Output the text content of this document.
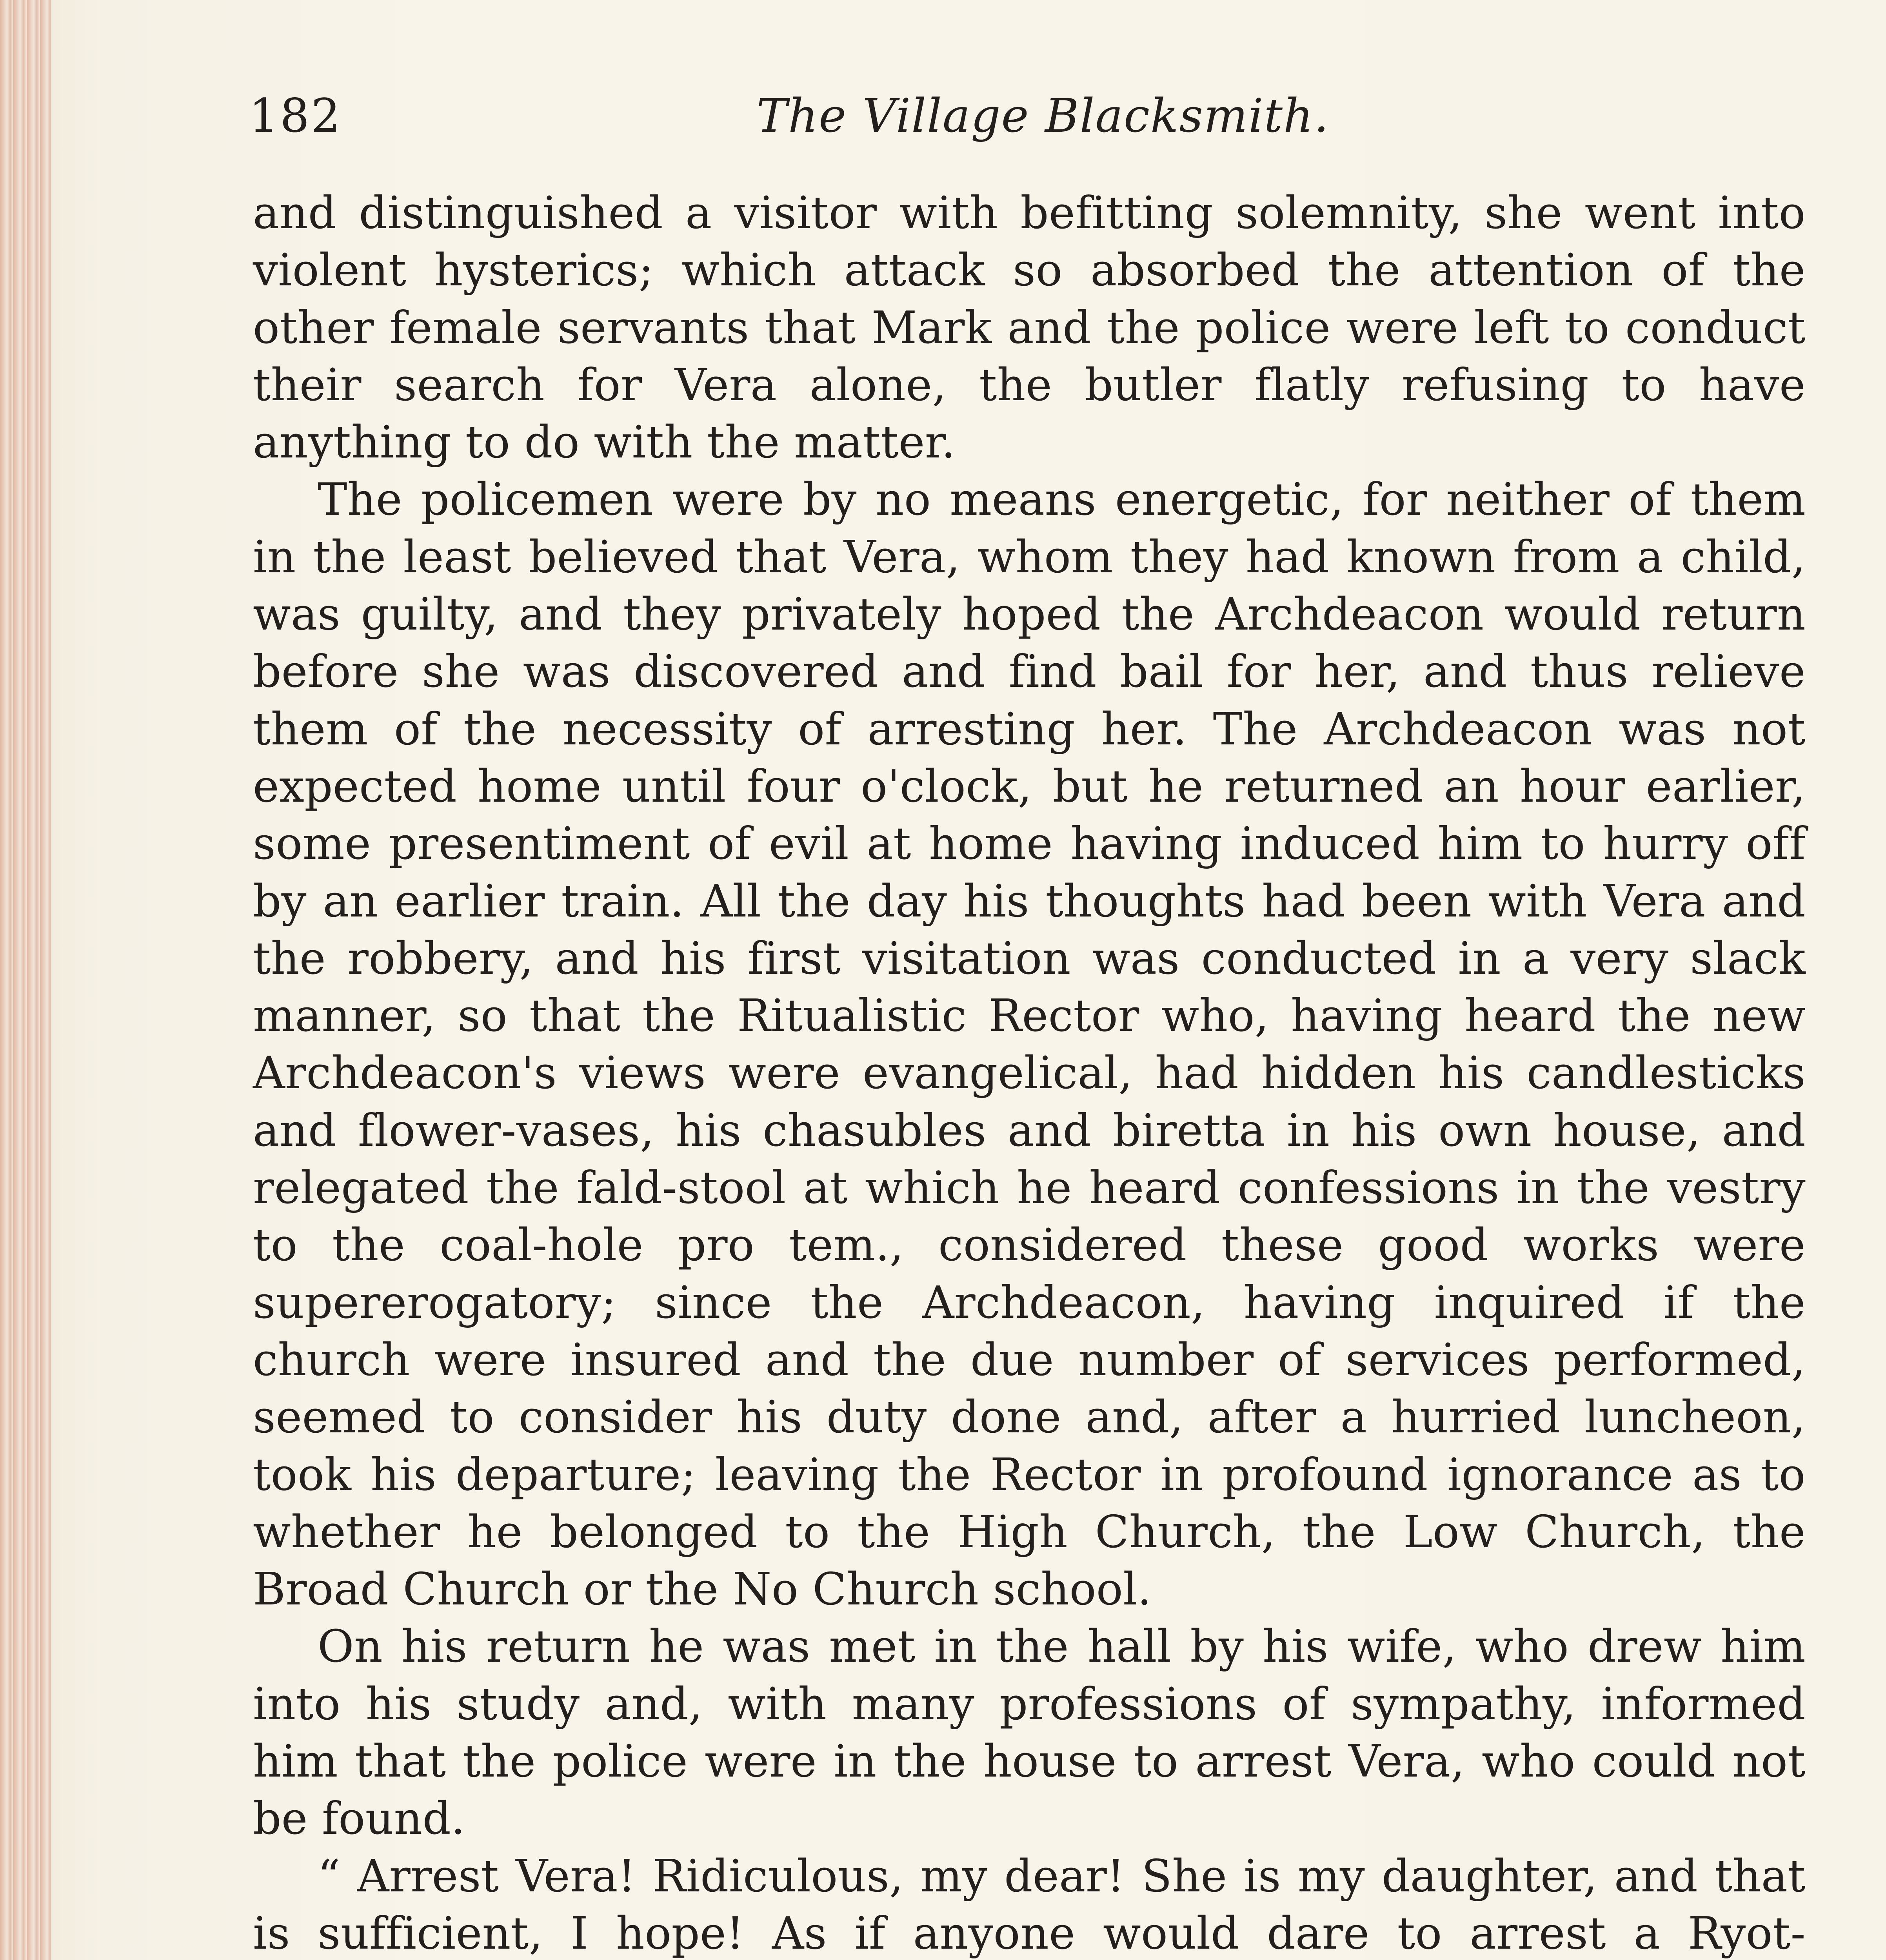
182	The Village Blacksmith.

and distinguished a visitor with befitting solemnity, she went into violent hysterics; which attack so absorbed the attention of the other female servants that Mark and the police were left to conduct their search for Vera alone, the butler flatly refusing to have anything to do with the matter.

The policemen were by no means energetic, for neither of them in the least believed that Vera, whom they had known from a child, was guilty, and they privately hoped the Archdeacon would return before she was discovered and find bail for her, and thus relieve them of the necessity of arresting her. The Archdeacon was not expected home until four o'clock, but he returned an hour earlier, some presentiment of evil at home having induced him to hurry off by an earlier train. All the day his thoughts had been with Vera and the robbery, and his first visitation was conducted in a very slack manner, so that the Ritualistic Rector who, having heard the new Archdeacon's views were evangelical, had hidden his candlesticks and flower-vases, his chasubles and biretta in his own house, and relegated the fald-stool at which he heard confessions in the vestry to the coal-hole pro tem., considered these good works were supererogatory; since the Archdeacon, having inquired if the church were insured and the due number of services performed, seemed to consider his duty done and, after a hurried luncheon, took his departure; leaving the Rector in profound ignorance as to whether he belonged to the High Church, the Low Church, the Broad Church or the No Church school.

On his return he was met in the hall by his wife, who drew him into his study and, with many professions of sympathy, informed him that the police were in the house to arrest Vera, who could not be found.

“ Arrest Vera! Ridiculous, my dear! She is my daughter, and that is sufficient, I hope! As if anyone would dare to arrest a Ryot-
